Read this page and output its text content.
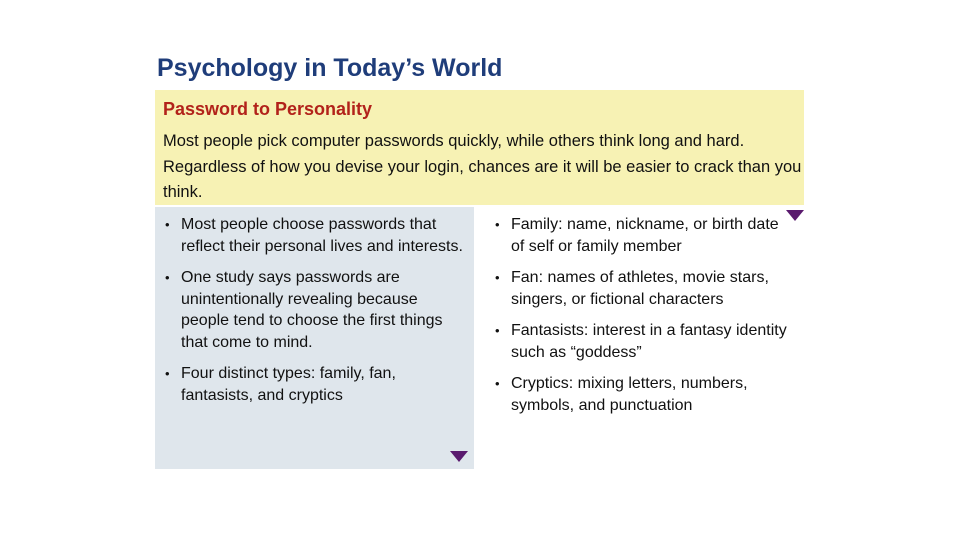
Psychology in Today’s World
Password to Personality
Most people pick computer passwords quickly, while others think long and hard. Regardless of how you devise your login, chances are it will be easier to crack than you think.
• Most people choose passwords that reflect their personal lives and interests.
• One study says passwords are unintentionally revealing because people tend to choose the first things that come to mind.
• Four distinct types: family, fan, fantasists, and cryptics
• Family: name, nickname, or birth date of self or family member
• Fan: names of athletes, movie stars, singers, or fictional characters
• Fantasists: interest in a fantasy identity such as “goddess”
• Cryptics: mixing letters, numbers, symbols, and punctuation
